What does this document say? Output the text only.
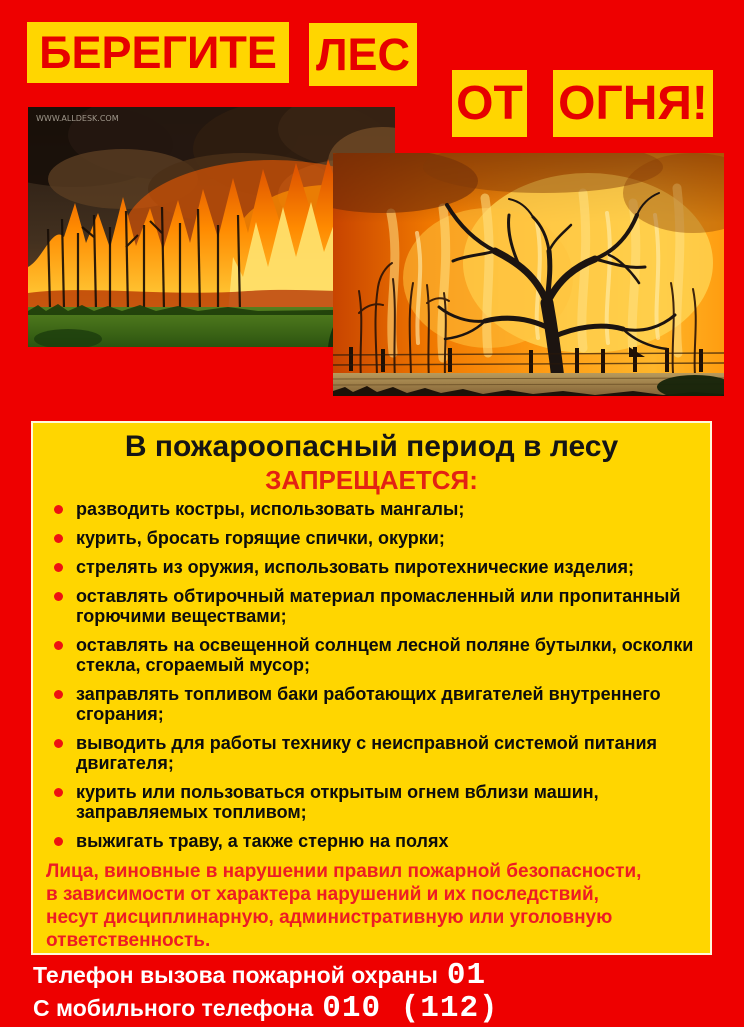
БЕРЕГИТЕ ЛЕС
ОТ ОГНЯ!
WWW.ALLDESK.COM
В пожароопасный период в лесу
ЗАПРЕЩАЕТСЯ:
разводить костры, использовать мангалы;
курить, бросать горящие спички, окурки;
стрелять из оружия, использовать пиротехнические изделия;
оставлять обтирочный материал промасленный или пропитанный горючими веществами;
оставлять на освещенной солнцем лесной поляне бутылки, осколки стекла, сгораемый мусор;
заправлять топливом баки работающих двигателей внутреннего сгорания;
выводить для работы технику с неисправной системой питания двигателя;
курить или пользоваться открытым огнем вблизи машин, заправляемых топливом;
выжигать траву, а также стерню на полях
Лица, виновные в нарушении правил пожарной безопасности,
в зависимости от характера нарушений и их последствий,
несут дисциплинарную, административную или уголовную
ответственность.
Телефон вызова пожарной охраны 01
С мобильного телефона 010 (112)
